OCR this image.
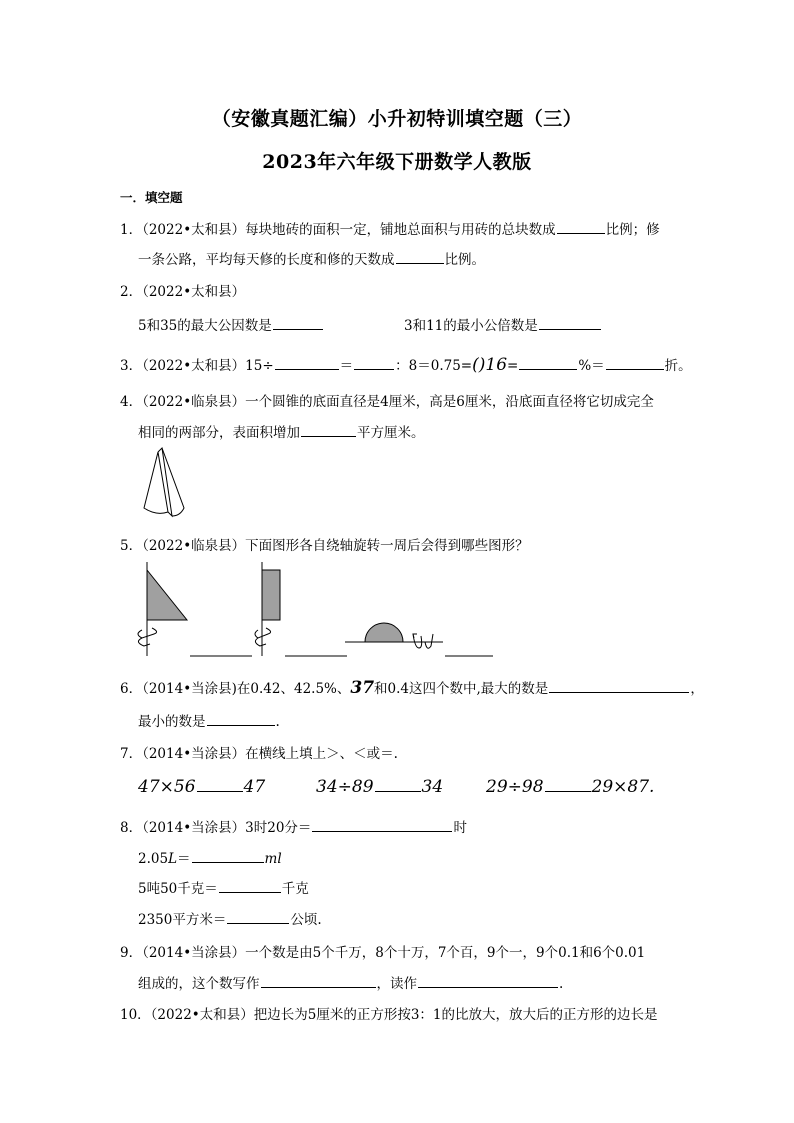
（安徽真题汇编）小升初特训填空题（三）
2023年六年级下册数学人教版
一．填空题
1．（2022•太和县）每块地砖的面积一定，铺地总面积与用砖的总块数成	比例；修
一条公路，平均每天修的长度和修的天数成	比例。
2．（2022•太和县）
5和35的最大公因数是	3和11的最小公倍数是
3．（2022•太和县）15÷	＝	：8＝0.75=()16=	%＝	折。
4．（2022•临泉县）一个圆锥的底面直径是4厘米，高是6厘米，沿底面直径将它切成完全
相同的两部分，表面积增加	平方厘米。
5．（2022•临泉县）下面图形各自绕轴旋转一周后会得到哪些图形？
6．（2014•当涂县)在0.42、42.5%、37和0.4这四个数中,最大的数是	，
最小的数是	.
7．（2014•当涂县）在横线上填上＞、＜或＝.
47×56	47	34÷89	34	29÷98	29×87.
8．（2014•当涂县）3时20分＝	时
2.05L＝	ml
5吨50千克＝	千克
2350平方米＝	公顷.
9．（2014•当涂县）一个数是由5个千万，8个十万，7个百，9个一，9个0.1和6个0.01
组成的，这个数写作	，读作	.
10．（2022•太和县）把边长为5厘米的正方形按3：1的比放大，放大后的正方形的边长是
